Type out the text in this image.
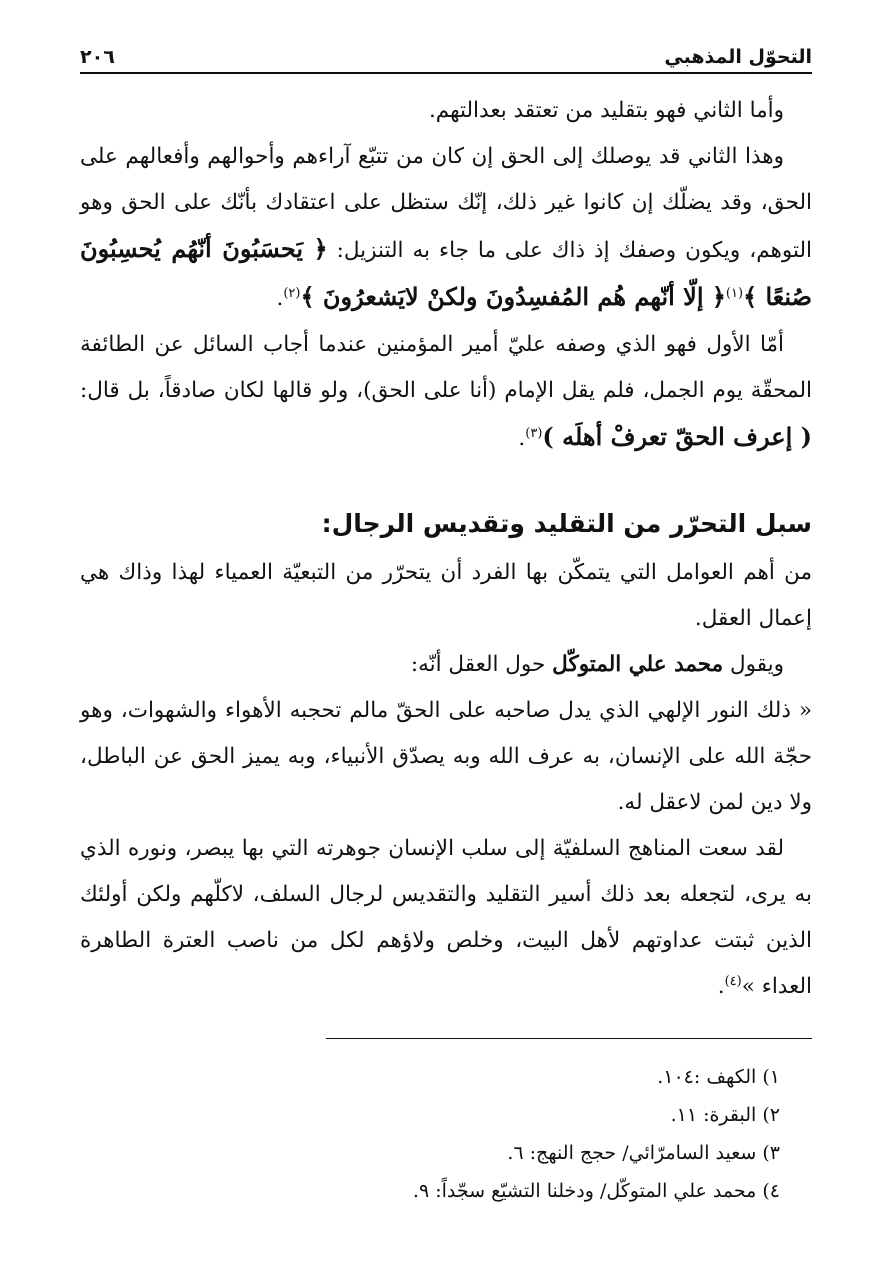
٢٠٦	التحوّل المذهبي

وأما الثاني فهو بتقليد من تعتقد بعدالتهم.

وهذا الثاني قد يوصلك إلى الحق إن كان من تتبّع آراءهم وأحوالهم وأفعالهم على الحق، وقد يضلّك إن كانوا غير ذلك، إنّك ستظل على اعتقادك بأنّك على الحق وهو التوهم، ويكون وصفك إذ ذاك على ما جاء به التنزيل: ﴿ يَحسَبُونَ أنّهُم يُحسِبُونَ صُنعًا ﴾$^{(١)}$﴿ إلّا أنّهم هُم المُفسِدُونَ ولكنْ لايَشعرُونَ ﴾$^{(٢)}$.

أمّا الأول فهو الذي وصفه عليّ أمير المؤمنين عندما أجاب السائل عن الطائفة المحقّة يوم الجمل، فلم يقل الإمام (أنا على الحق)، ولو قالها لكان صادقاً، بل قال: ( إعرف الحقّ تعرفْ أهلَه )$^{(٣)}$.

سبل التحرّر من التقليد وتقديس الرجال:

من أهم العوامل التي يتمكّن بها الفرد أن يتحرّر من التبعيّة العمياء لهذا وذاك هي إعمال العقل.

ويقول محمد علي المتوكّل حول العقل أنّه:

« ذلك النور الإلهي الذي يدل صاحبه على الحقّ مالم تحجبه الأهواء والشهوات، وهو حجّة الله على الإنسان، به عرف الله وبه يصدّق الأنبياء، وبه يميز الحق عن الباطل، ولا دين لمن لاعقل له.

لقد سعت المناهج السلفيّة إلى سلب الإنسان جوهرته التي بها يبصر، ونوره الذي به يرى، لتجعله بعد ذلك أسير التقليد والتقديس لرجال السلف، لاكلّهم ولكن أولئك الذين ثبتت عداوتهم لأهل البيت، وخلص ولاؤهم لكل من ناصب العترة الطاهرة العداء »$^{(٤)}$.

١) الكهف :١٠٤.
٢) البقرة: ١١.
٣) سعيد السامرّائي/ حجج النهج: ٦.
٤) محمد علي المتوكّل/ ودخلنا التشيّع سجّداً: ٩.
